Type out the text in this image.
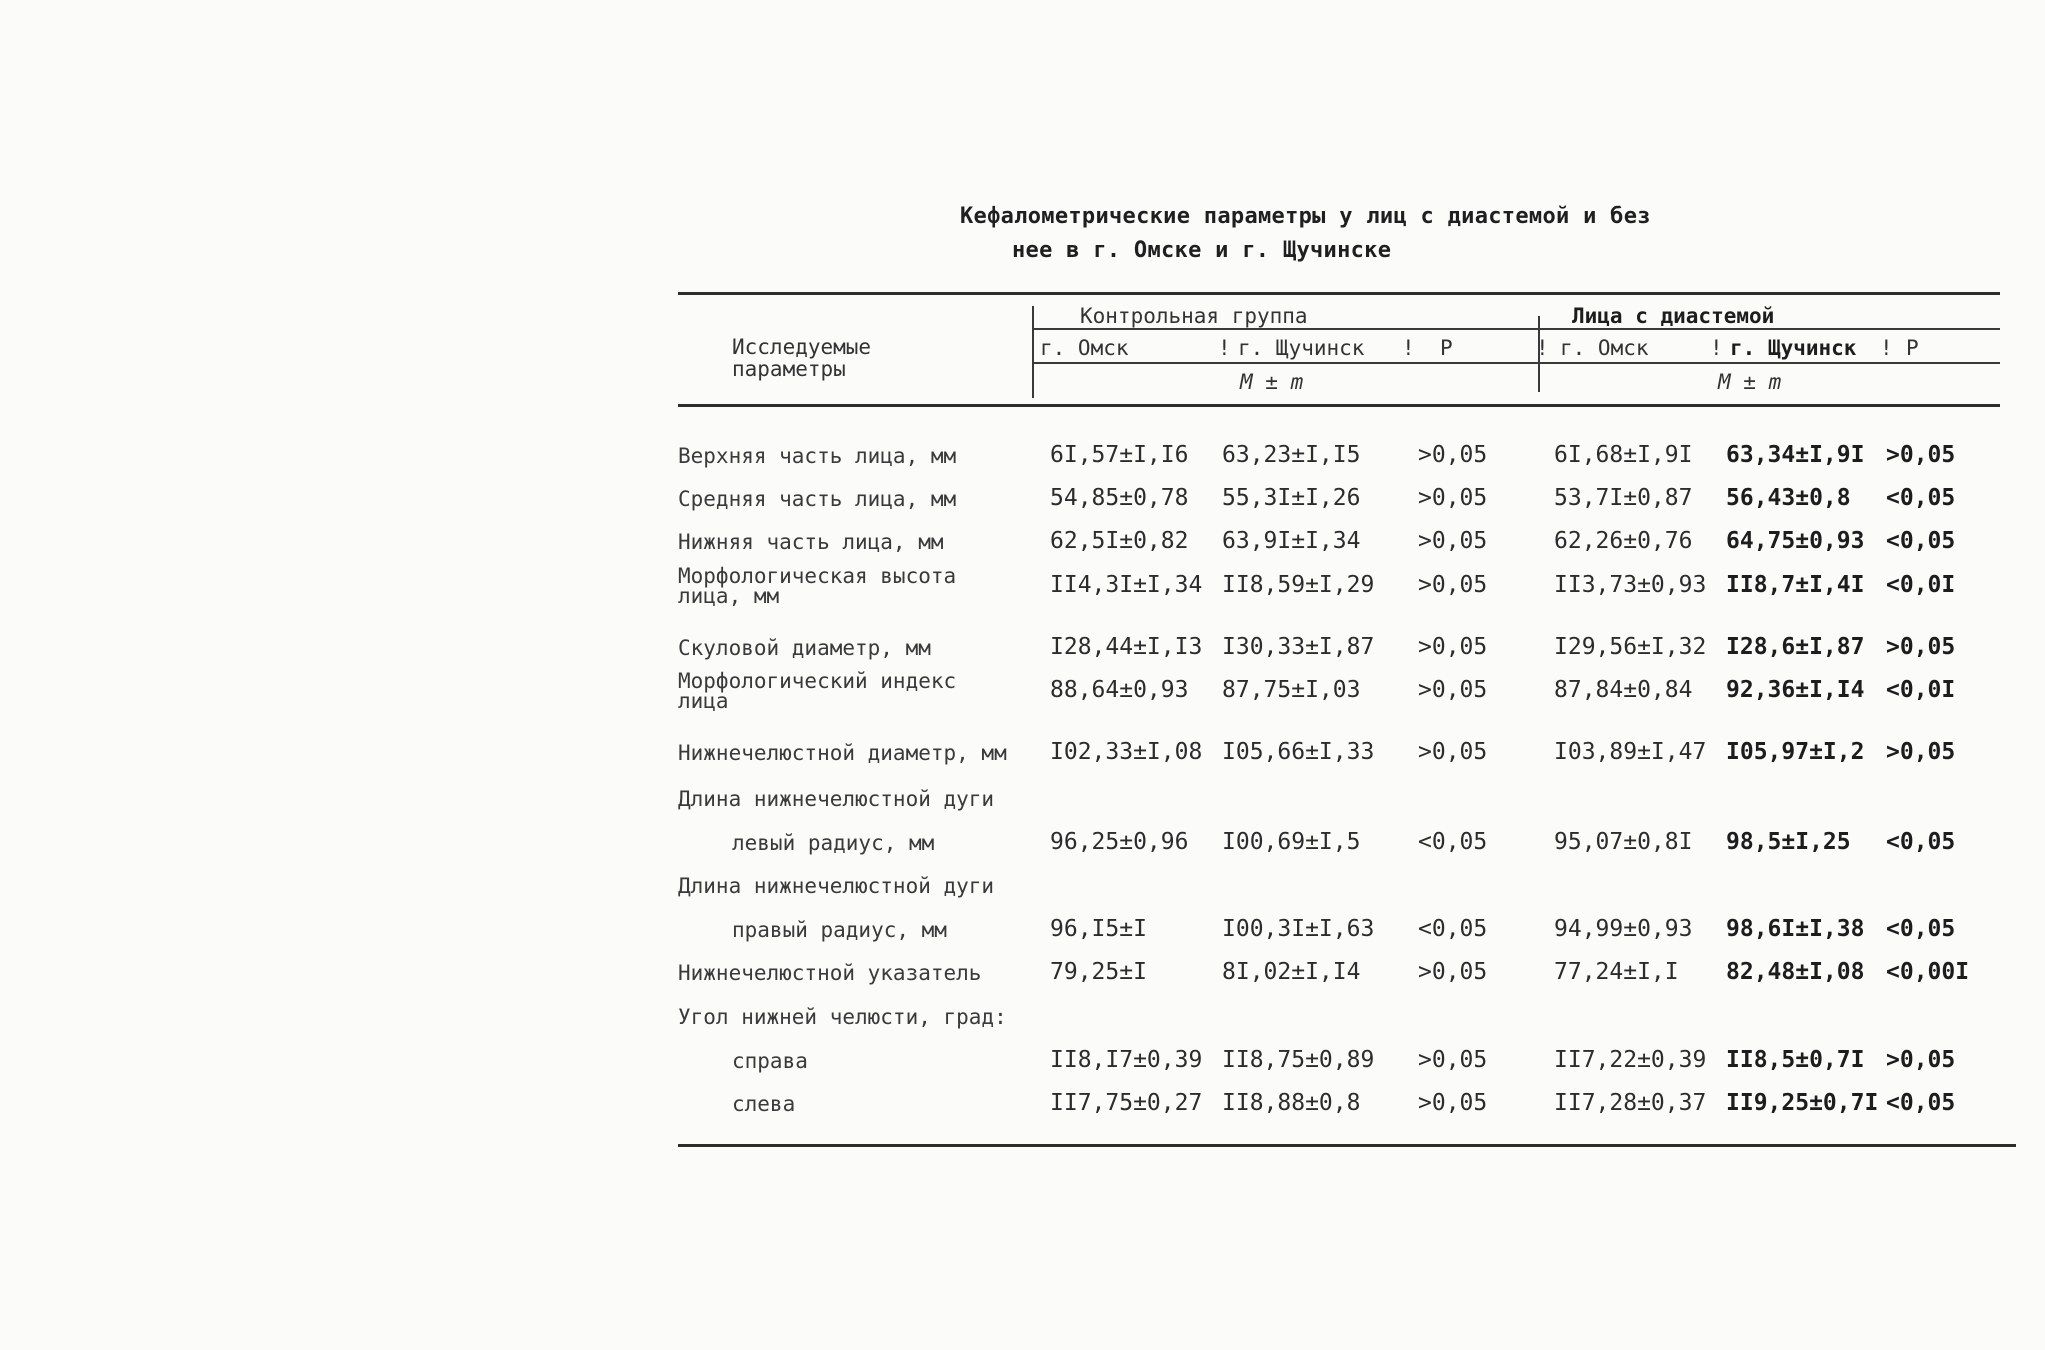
Кефалометрические параметры у лиц с диастемой и без
нее в г. Омске и г. Щучинске
Исследуемые
параметры
Контрольная группа	Лица с диастемой
г. Омск	! г. Щучинск ! Р	! г. Омск	! г. Щучинск ! Р
М ± m	М ± m
Верхняя часть лица, мм	6I,57±I,I6 63,23±I,I5	>0,05	6I,68±I,9I 63,34±I,9I >0,05
Средняя часть лица, мм	54,85±0,78 55,3I±I,26	>0,05	53,7I±0,87 56,43±0,8 <0,05
Нижняя часть лица, мм	62,5I±0,82 63,9I±I,34	>0,05	62,26±0,76 64,75±0,93 <0,05
Морфологическая высота
лица, мм	II4,3I±I,34 II8,59±I,29 >0,05	II3,73±0,93 II8,7±I,4I <0,0I
Скуловой диаметр, мм	I28,44±I,I3 I30,33±I,87 >0,05	I29,56±I,32 I28,6±I,87 >0,05
Морфологический индекс
лица	88,64±0,93 87,75±I,03	>0,05	87,84±0,84 92,36±I,I4 <0,0I
Нижнечелюстной диаметр, мм I02,33±I,08 I05,66±I,33 >0,05	I03,89±I,47 I05,97±I,2 >0,05
Длина нижнечелюстной дуги
левый радиус, мм	96,25±0,96 I00,69±I,5	<0,05	95,07±0,8I 98,5±I,25 <0,05
Длина нижнечелюстной дуги
правый радиус, мм	96,I5±I	I00,3I±I,63 <0,05	94,99±0,93 98,6I±I,38 <0,05
Нижнечелюстной указатель	79,25±I	8I,02±I,I4	>0,05	77,24±I,I 82,48±I,08 <0,00I
Угол нижней челюсти, град:
справа	II8,I7±0,39 II8,75±0,89 >0,05	II7,22±0,39 II8,5±0,7I >0,05
слева	II7,75±0,27 II8,88±0,8	>0,05	II7,28±0,37 II9,25±0,7I <0,05
